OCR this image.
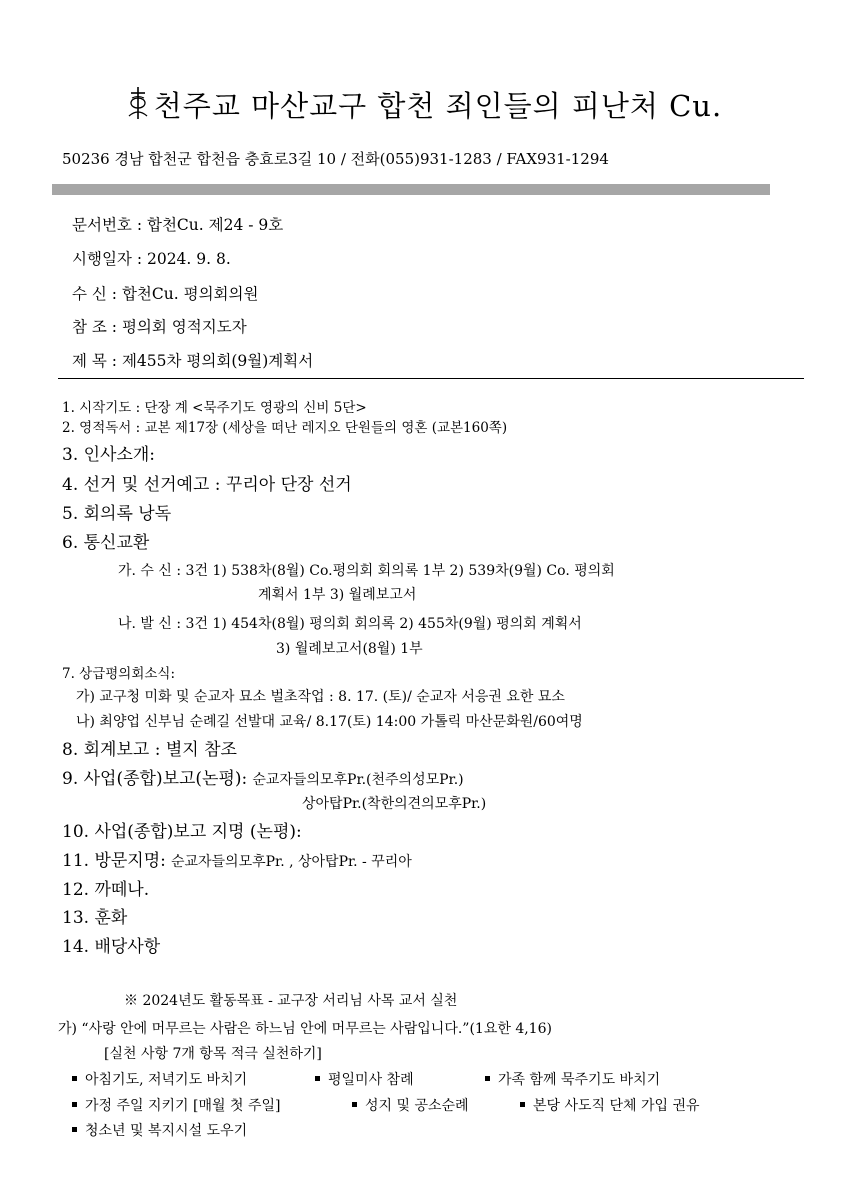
천주교 마산교구 합천 죄인들의 피난처 Cu.
50236 경남 합천군 합천읍 충효로3길 10 / 전화(055)931-1283 / FAX931-1294
문서번호 : 합천Cu. 제24 - 9호
시행일자 : 2024. 9. 8.
수 신 : 합천Cu. 평의회의원
참 조 : 평의회 영적지도자
제 목 : 제455차 평의회(9월)계획서
1. 시작기도 : 단장 계 <묵주기도 영광의 신비 5단>
2. 영적독서 : 교본 제17장 (세상을 떠난 레지오 단원들의 영혼 (교본160쪽)
3. 인사소개:
4. 선거 및 선거예고 : 꾸리아 단장 선거
5. 회의록 낭독
6. 통신교환
가. 수 신 : 3건 1) 538차(8월) Co.평의회 회의록 1부 2) 539차(9월) Co. 평의회
계획서 1부 3) 월례보고서
나. 발 신 : 3건 1) 454차(8월) 평의회 회의록 2) 455차(9월) 평의회 계획서
3) 월례보고서(8월) 1부
7. 상급평의회소식:
가) 교구청 미화 및 순교자 묘소 벌초작업 : 8. 17. (토)/ 순교자 서응권 요한 묘소
나) 최양업 신부님 순례길 선발대 교육/ 8.17(토) 14:00 가톨릭 마산문화원/60여명
8. 회계보고 : 별지 참조
9. 사업(종합)보고(논평): 순교자들의모후Pr.(천주의성모Pr.)
상아탑Pr.(착한의견의모후Pr.)
10. 사업(종합)보고 지명 (논평):
11. 방문지명: 순교자들의모후Pr. , 상아탑Pr. - 꾸리아
12. 까떼나.
13. 훈화
14. 배당사항
※ 2024년도 활동목표 - 교구장 서리님 사목 교서 실천
가) “사랑 안에 머무르는 사람은 하느님 안에 머무르는 사람입니다.”(1요한 4,16)
[실천 사항 7개 항목 적극 실천하기]
아침기도, 저녁기도 바치기	평일미사 참례	가족 함께 묵주기도 바치기
가정 주일 지키기 [매월 첫 주일]	성지 및 공소순례	본당 사도직 단체 가입 권유
청소년 및 복지시설 도우기
